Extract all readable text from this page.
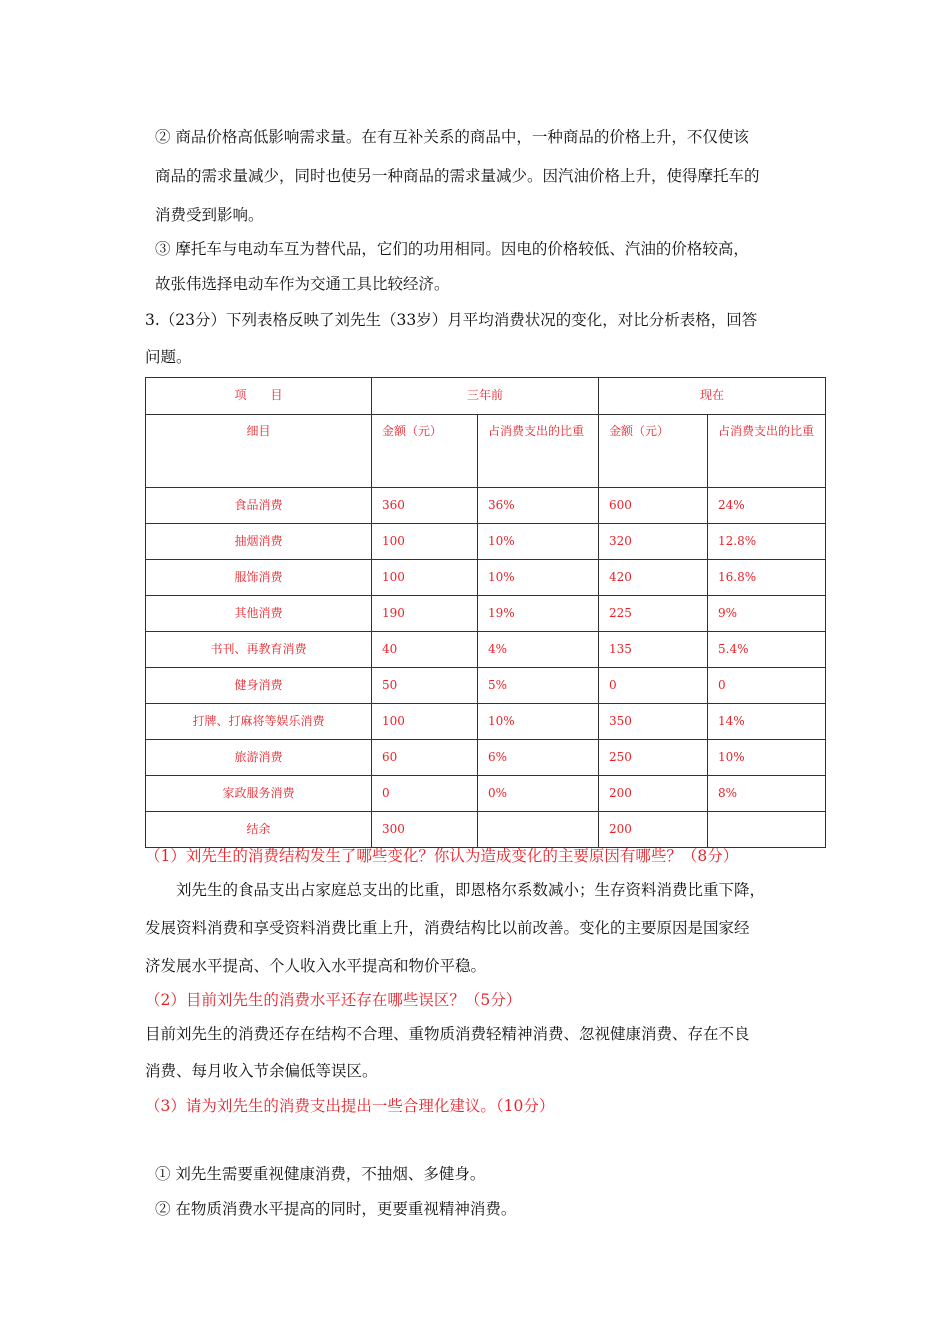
② 商品价格高低影响需求量。在有互补关系的商品中，一种商品的价格上升，不仅使该
商品的需求量减少，同时也使另一种商品的需求量减少。因汽油价格上升，使得摩托车的
消费受到影响。
③ 摩托车与电动车互为替代品，它们的功用相同。因电的价格较低、汽油的价格较高，
故张伟选择电动车作为交通工具比较经济。
3.（23分）下列表格反映了刘先生（33岁）月平均消费状况的变化，对比分析表格，回答
问题。
项　　目	三年前		现在	

细目	金额（元）	占消费支出的比重	金额（元）	占消费支出的比重

食品消费	360	36%	600	24%

抽烟消费	100	10%	320	12.8%

服饰消费	100	10%	420	16.8%

其他消费	190	19%	225	9%

书刊、再教育消费	40	4%	135	5.4%

健身消费	50	5%	0	0

打牌、打麻将等娱乐消费	100	10%	350	14%

旅游消费	60	6%	250	10%

家政服务消费	0	0%	200	8%

结余	300		200	

（1）刘先生的消费结构发生了哪些变化？你认为造成变化的主要原因有哪些？（8分）
刘先生的食品支出占家庭总支出的比重，即恩格尔系数减小；生存资料消费比重下降，
发展资料消费和享受资料消费比重上升，消费结构比以前改善。变化的主要原因是国家经
济发展水平提高、个人收入水平提高和物价平稳。
（2）目前刘先生的消费水平还存在哪些误区？（5分）
目前刘先生的消费还存在结构不合理、重物质消费轻精神消费、忽视健康消费、存在不良
消费、每月收入节余偏低等误区。
（3）请为刘先生的消费支出提出一些合理化建议。（10分）
① 刘先生需要重视健康消费，不抽烟、多健身。
② 在物质消费水平提高的同时，更要重视精神消费。
